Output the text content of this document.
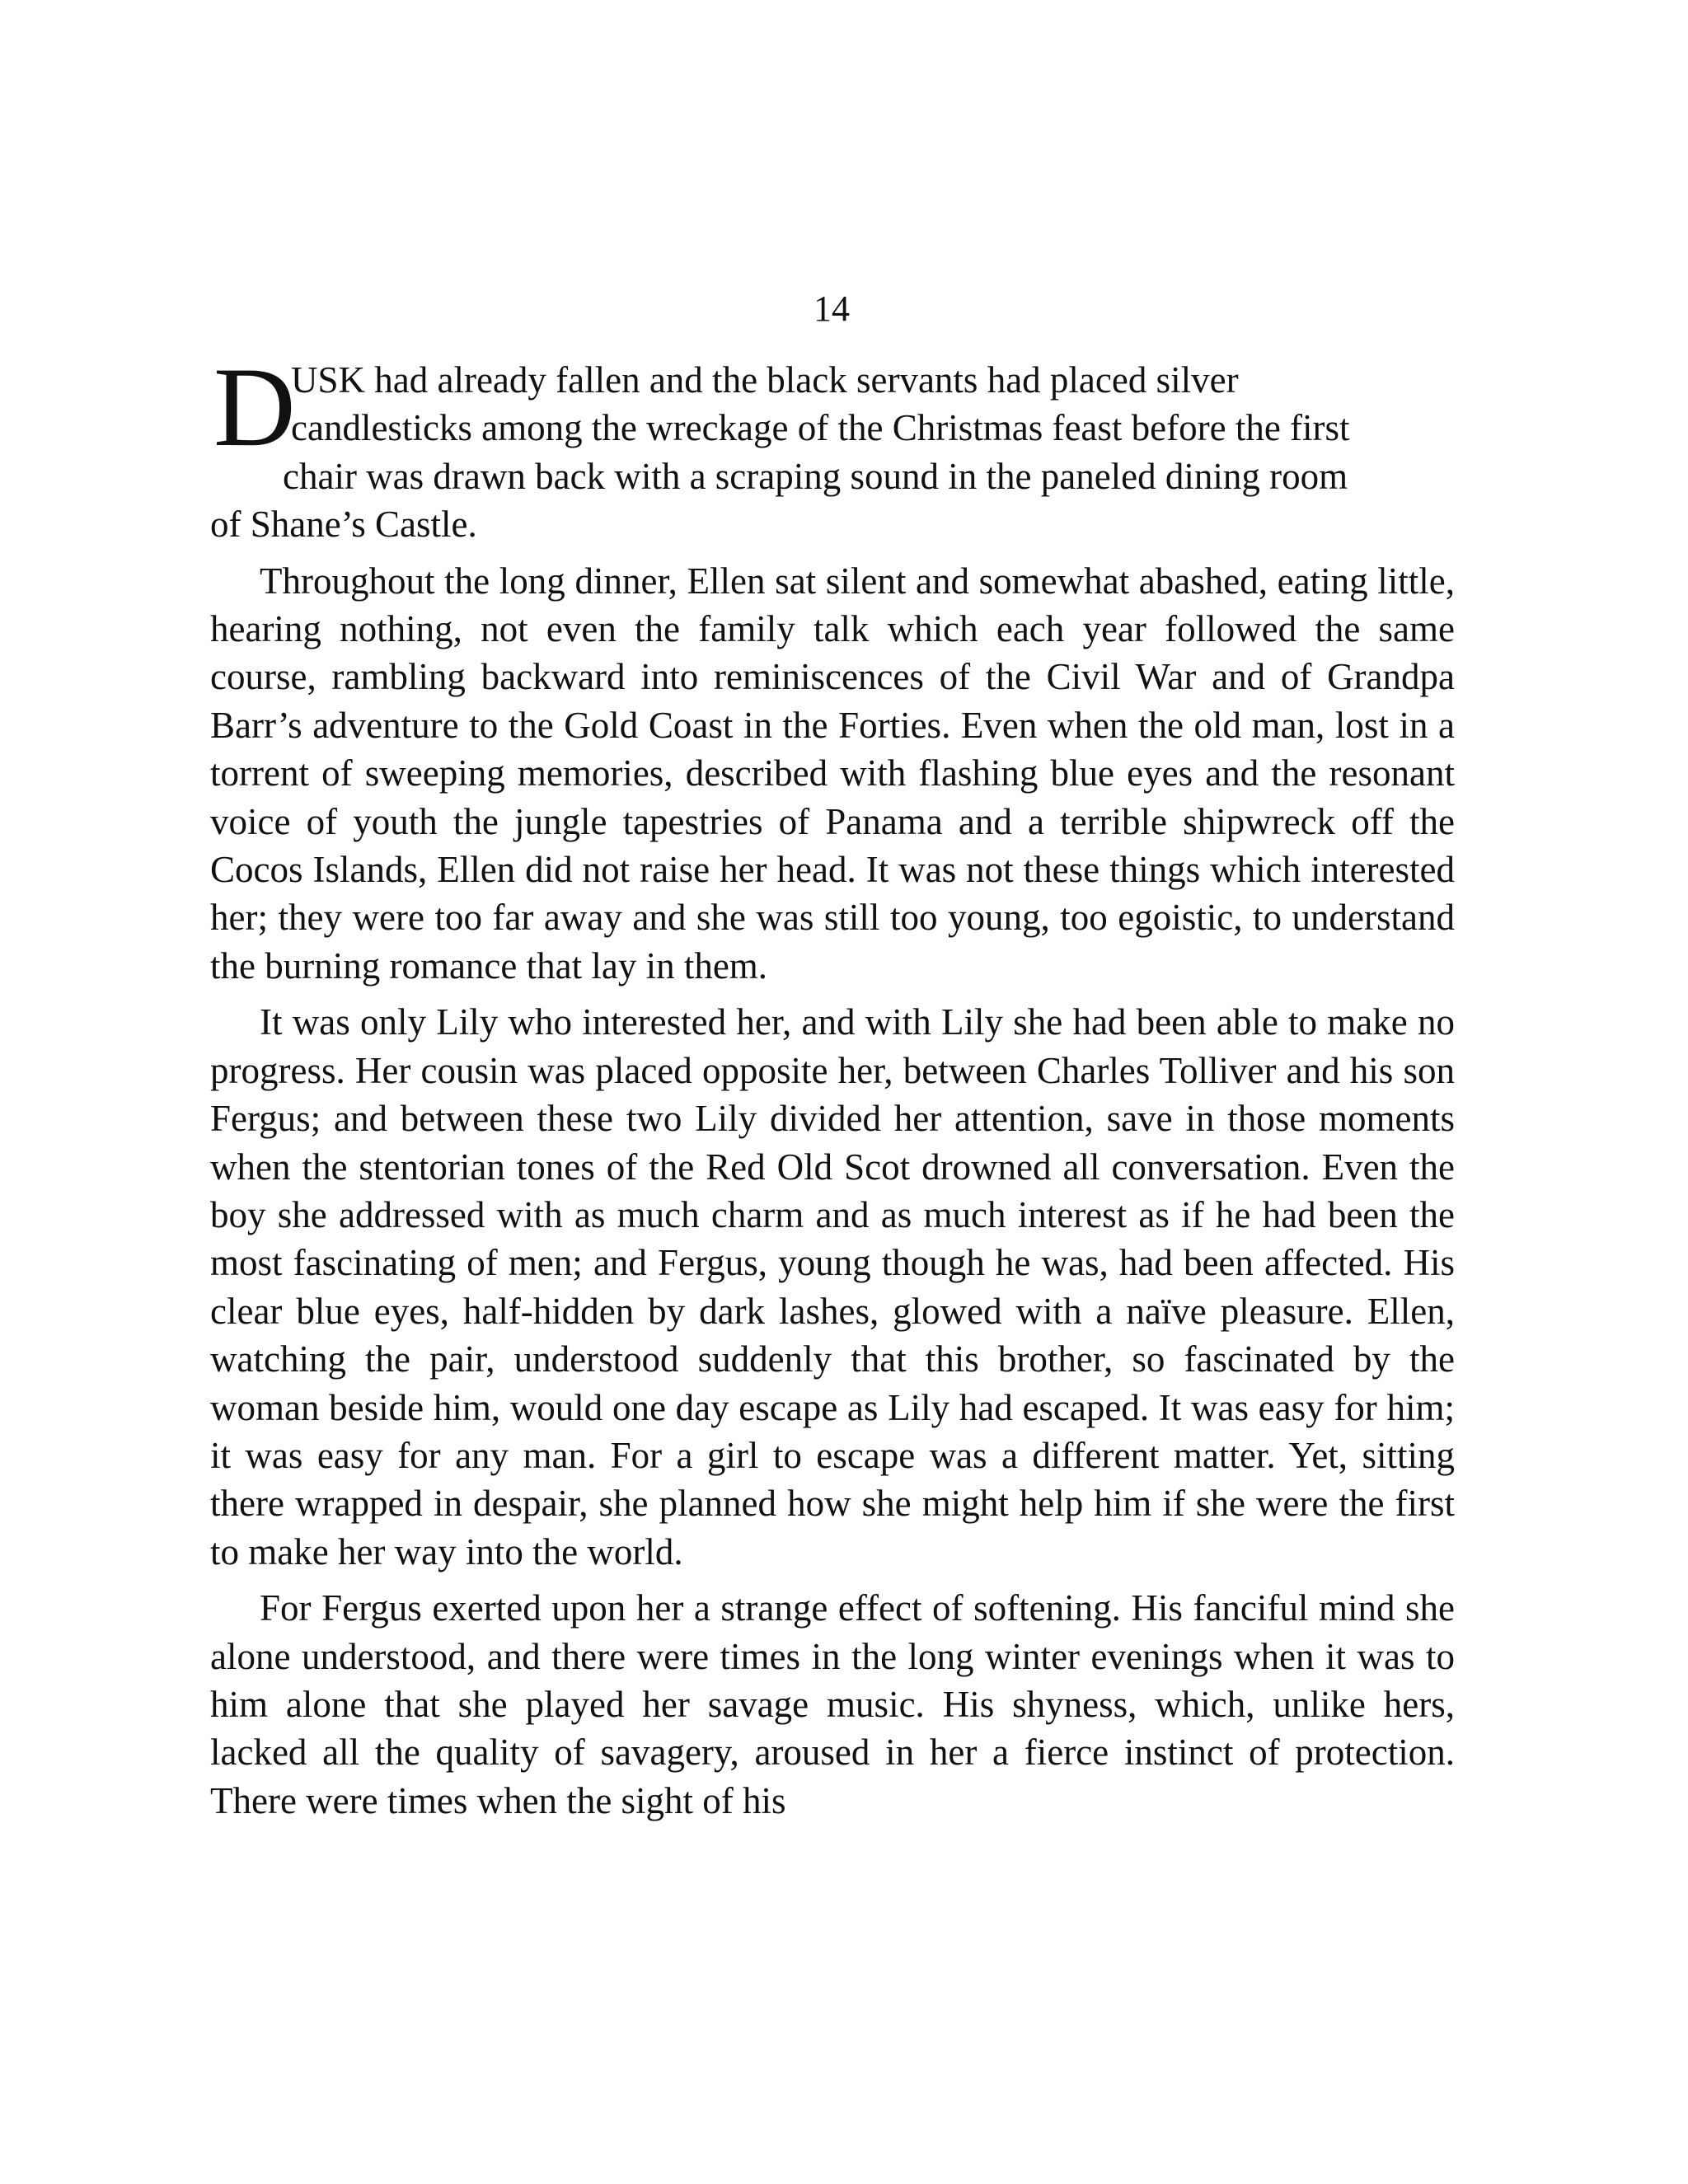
14

D
USK had already fallen and the black servants had placed silver
candlesticks among the wreckage of the Christmas feast before the first
chair was drawn back with a scraping sound in the paneled dining room
of Shane’s Castle.

Throughout the long dinner, Ellen sat silent and somewhat abashed, eating little, hearing nothing, not even the family talk which each year followed the same course, rambling backward into reminiscences of the Civil War and of Grandpa Barr’s adventure to the Gold Coast in the Forties. Even when the old man, lost in a torrent of sweeping memories, described with flashing blue eyes and the resonant voice of youth the jungle tapestries of Panama and a terrible shipwreck off the Cocos Islands, Ellen did not raise her head. It was not these things which interested her; they were too far away and she was still too young, too egoistic, to understand the burning romance that lay in them.

It was only Lily who interested her, and with Lily she had been able to make no progress. Her cousin was placed opposite her, between Charles Tolliver and his son Fergus; and between these two Lily divided her attention, save in those moments when the stentorian tones of the Red Old Scot drowned all conversation. Even the boy she addressed with as much charm and as much interest as if he had been the most fascinating of men; and Fergus, young though he was, had been affected. His clear blue eyes, half-hidden by dark lashes, glowed with a naïve pleasure. Ellen, watching the pair, understood suddenly that this brother, so fascinated by the woman beside him, would one day escape as Lily had escaped. It was easy for him; it was easy for any man. For a girl to escape was a different matter. Yet, sitting there wrapped in despair, she planned how she might help him if she were the first to make her way into the world.

For Fergus exerted upon her a strange effect of softening. His fanciful mind she alone understood, and there were times in the long winter evenings when it was to him alone that she played her savage music. His shyness, which, unlike hers, lacked all the quality of savagery, aroused in her a fierce instinct of protection. There were times when the sight of his
